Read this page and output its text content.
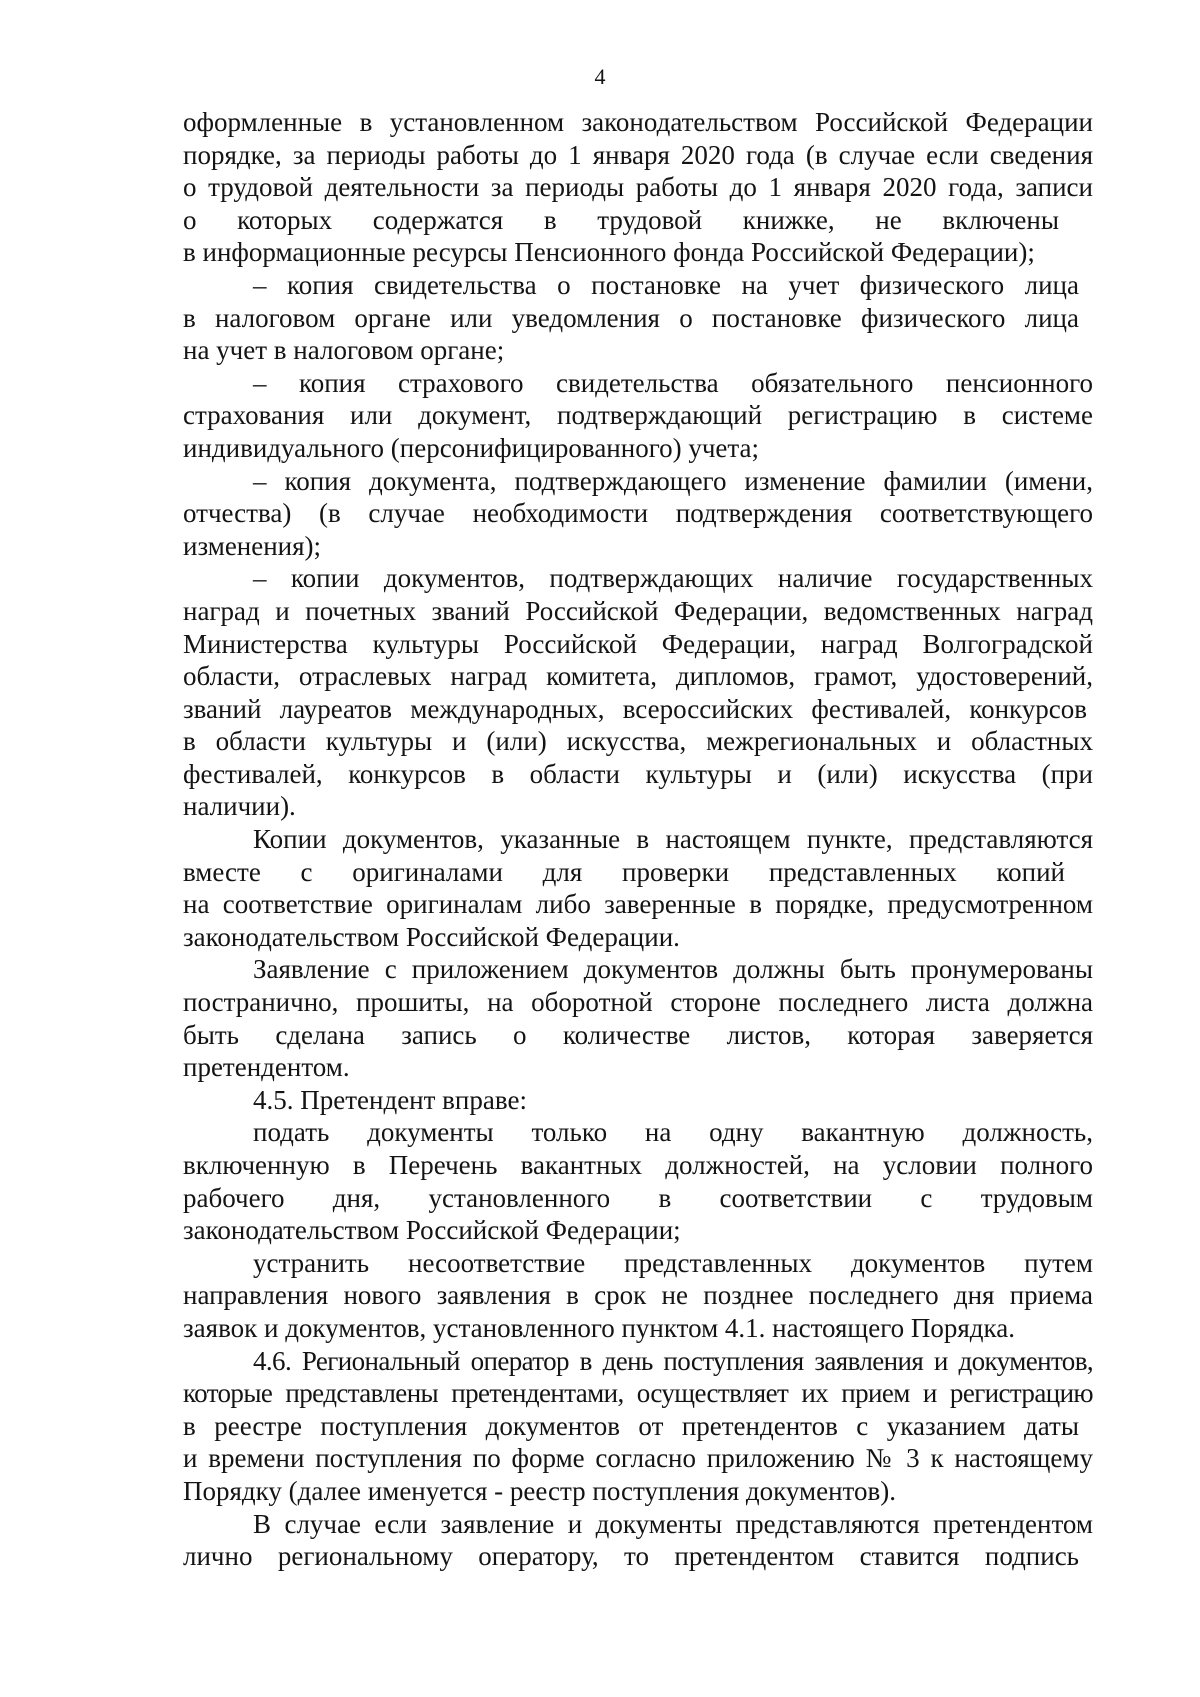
4
оформленные в установленном законодательством Российской Федерации
порядке, за периоды работы до 1 января 2020 года (в случае если сведения
о трудовой деятельности за периоды работы до 1 января 2020 года, записи
о которых содержатся в трудовой книжке, не включены
в информационные ресурсы Пенсионного фонда Российской Федерации);
– копия свидетельства о постановке на учет физического лица
в налоговом органе или уведомления о постановке физического лица
на учет в налоговом органе;
– копия страхового свидетельства обязательного пенсионного
страхования или документ, подтверждающий регистрацию в системе
индивидуального (персонифицированного) учета;
– копия документа, подтверждающего изменение фамилии (имени,
отчества) (в случае необходимости подтверждения соответствующего
изменения);
– копии документов, подтверждающих наличие государственных
наград и почетных званий Российской Федерации, ведомственных наград
Министерства культуры Российской Федерации, наград Волгоградской
области, отраслевых наград комитета, дипломов, грамот, удостоверений,
званий лауреатов международных, всероссийских фестивалей, конкурсов
в области культуры и (или) искусства, межрегиональных и областных
фестивалей, конкурсов в области культуры и (или) искусства (при
наличии).
Копии документов, указанные в настоящем пункте, представляются
вместе с оригиналами для проверки представленных копий
на соответствие оригиналам либо заверенные в порядке, предусмотренном
законодательством Российской Федерации.
Заявление с приложением документов должны быть пронумерованы
постранично, прошиты, на оборотной стороне последнего листа должна
быть сделана запись о количестве листов, которая заверяется
претендентом.
4.5. Претендент вправе:
подать документы только на одну вакантную должность,
включенную в Перечень вакантных должностей, на условии полного
рабочего дня, установленного в соответствии с трудовым
законодательством Российской Федерации;
устранить несоответствие представленных документов путем
направления нового заявления в срок не позднее последнего дня приема
заявок и документов, установленного пунктом 4.1. настоящего Порядка.
4.6. Региональный оператор в день поступления заявления и документов,
которые представлены претендентами, осуществляет их прием и регистрацию
в реестре поступления документов от претендентов с указанием даты
и времени поступления по форме согласно приложению № 3 к настоящему
Порядку (далее именуется - реестр поступления документов).
В случае если заявление и документы представляются претендентом
лично региональному оператору, то претендентом ставится подпись
